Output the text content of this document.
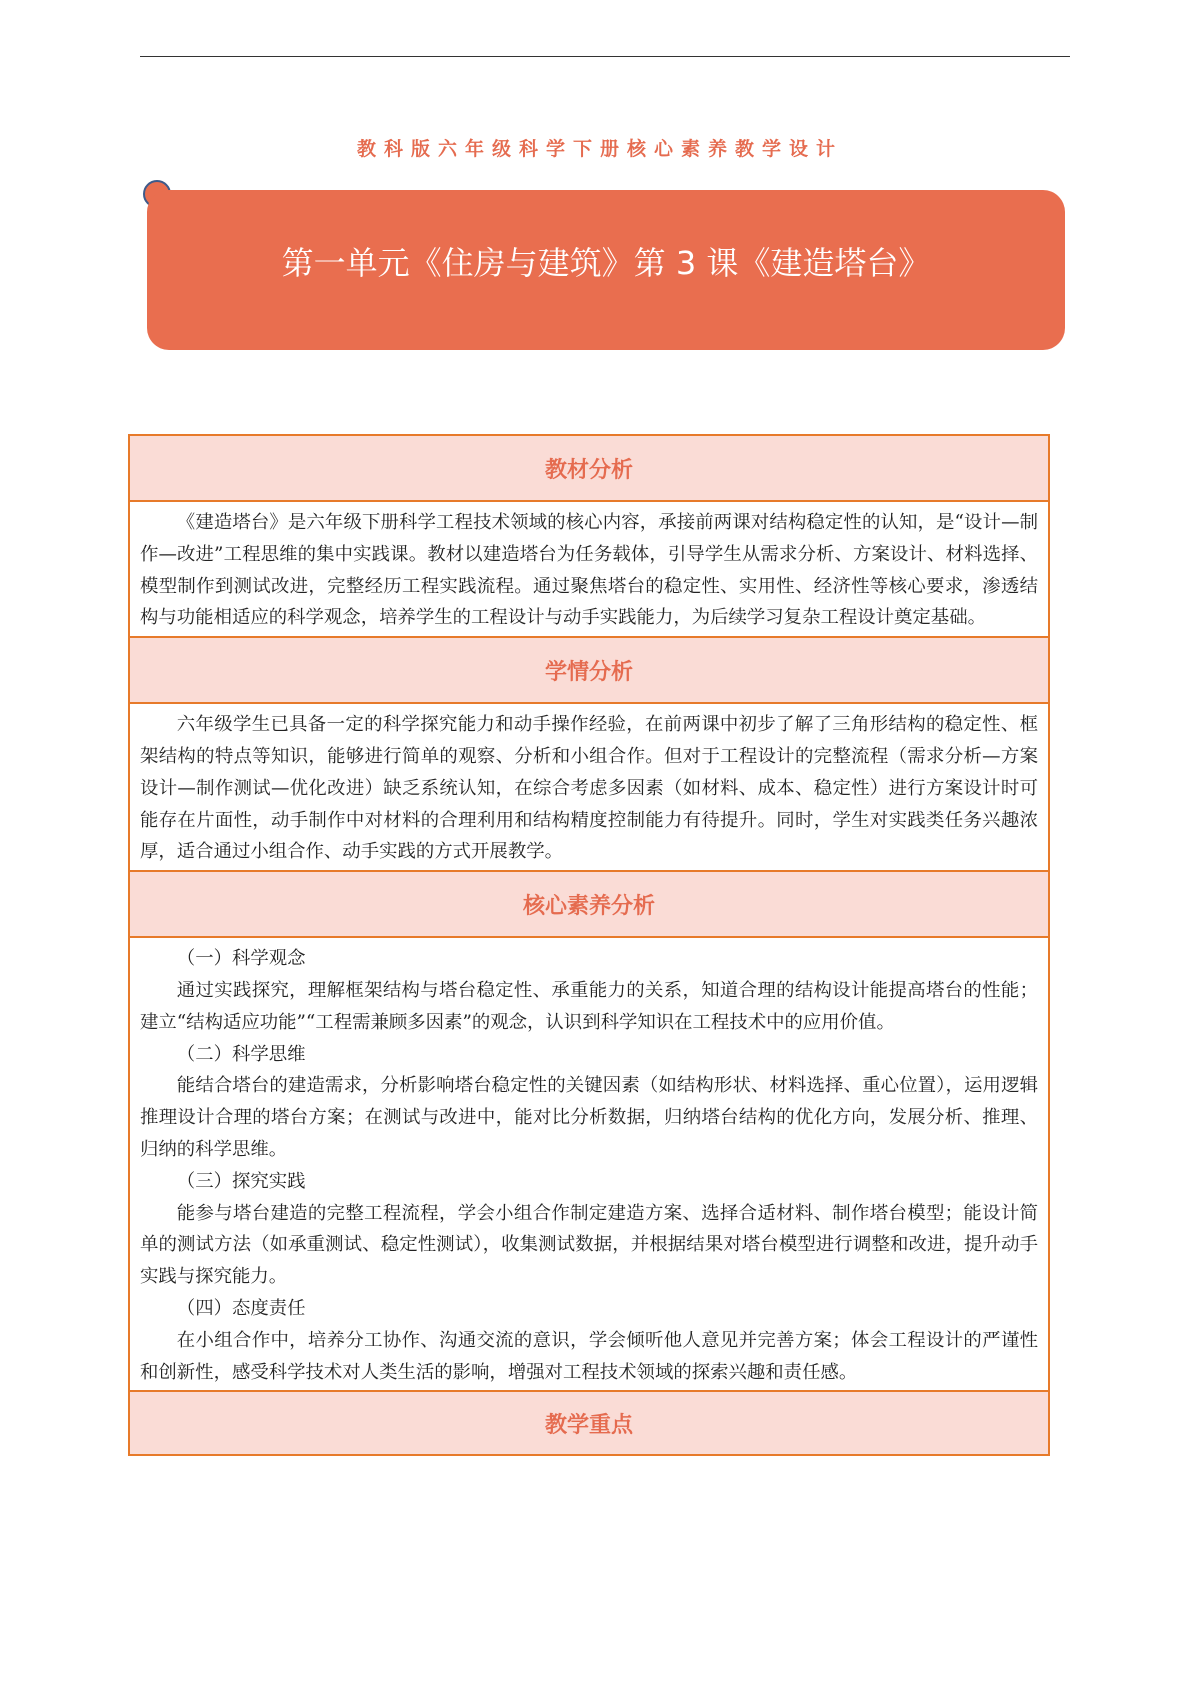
教科版六年级科学下册核心素养教学设计
第一单元《住房与建筑》第 3 课《建造塔台》
教材分析

《建造塔台》是六年级下册科学工程技术领域的核心内容，承接前两课对结构稳定性的认知，是“设计—制作—改进”工程思维的集中实践课。教材以建造塔台为任务载体，引导学生从需求分析、方案设计、材料选择、模型制作到测试改进，完整经历工程实践流程。通过聚焦塔台的稳定性、实用性、经济性等核心要求，渗透结构与功能相适应的科学观念，培养学生的工程设计与动手实践能力，为后续学习复杂工程设计奠定基础。

学情分析

六年级学生已具备一定的科学探究能力和动手操作经验，在前两课中初步了解了三角形结构的稳定性、框架结构的特点等知识，能够进行简单的观察、分析和小组合作。但对于工程设计的完整流程（需求分析—方案设计—制作测试—优化改进）缺乏系统认知，在综合考虑多因素（如材料、成本、稳定性）进行方案设计时可能存在片面性，动手制作中对材料的合理利用和结构精度控制能力有待提升。同时，学生对实践类任务兴趣浓厚，适合通过小组合作、动手实践的方式开展教学。

核心素养分析

（一）科学观念

通过实践探究，理解框架结构与塔台稳定性、承重能力的关系，知道合理的结构设计能提高塔台的性能；建立“结构适应功能”“工程需兼顾多因素”的观念，认识到科学知识在工程技术中的应用价值。

（二）科学思维

能结合塔台的建造需求，分析影响塔台稳定性的关键因素（如结构形状、材料选择、重心位置），运用逻辑推理设计合理的塔台方案；在测试与改进中，能对比分析数据，归纳塔台结构的优化方向，发展分析、推理、归纳的科学思维。

（三）探究实践

能参与塔台建造的完整工程流程，学会小组合作制定建造方案、选择合适材料、制作塔台模型；能设计简单的测试方法（如承重测试、稳定性测试），收集测试数据，并根据结果对塔台模型进行调整和改进，提升动手实践与探究能力。

（四）态度责任

在小组合作中，培养分工协作、沟通交流的意识，学会倾听他人意见并完善方案；体会工程设计的严谨性和创新性，感受科学技术对人类生活的影响，增强对工程技术领域的探索兴趣和责任感。

教学重点
